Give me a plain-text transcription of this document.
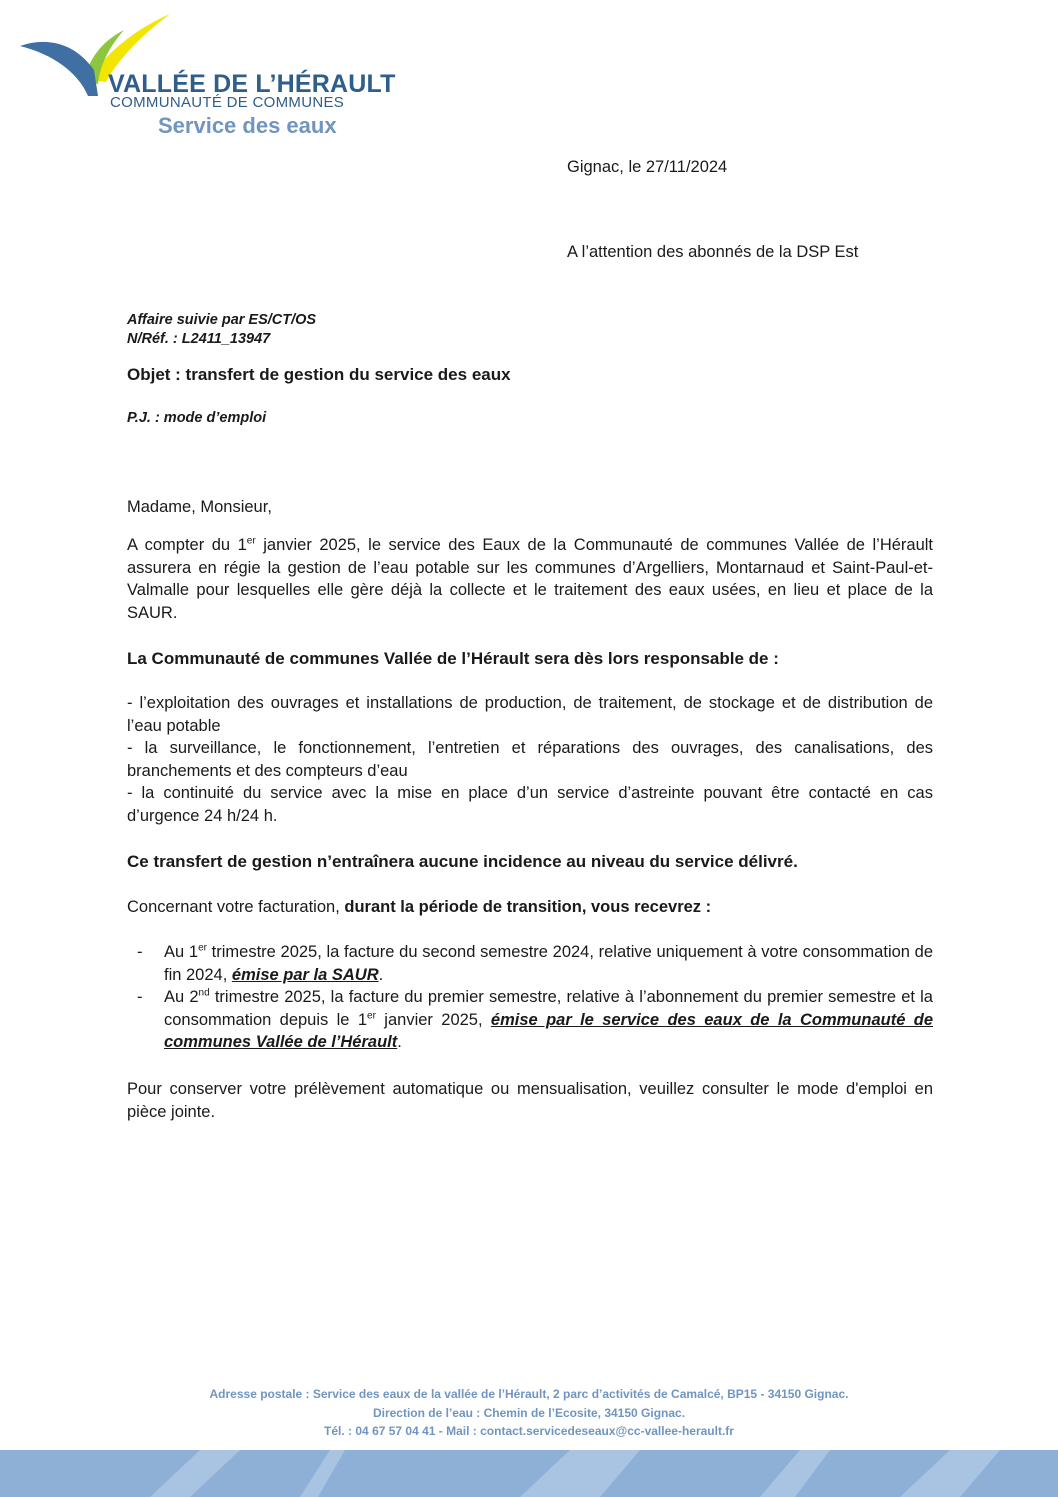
VALLÉE DE L’HÉRAULT
COMMUNAUTÉ DE COMMUNES
Service des eaux
Gignac, le 27/11/2024
A l’attention des abonnés de la DSP Est
Affaire suivie par ES/CT/OS
N/Réf. : L2411_13947
Objet : transfert de gestion du service des eaux
P.J. : mode d’emploi
Madame, Monsieur,
A compter du 1er janvier 2025, le service des Eaux de la Communauté de communes Vallée de l’Hérault assurera en régie la gestion de l’eau potable sur les communes d’Argelliers, Montarnaud et Saint-Paul-et-Valmalle pour lesquelles elle gère déjà la collecte et le traitement des eaux usées, en lieu et place de la SAUR.
La Communauté de communes Vallée de l’Hérault sera dès lors responsable de :
- l’exploitation des ouvrages et installations de production, de traitement, de stockage et de distribution de l’eau potable
- la surveillance, le fonctionnement, l’entretien et réparations des ouvrages, des canalisations, des branchements et des compteurs d’eau
- la continuité du service avec la mise en place d’un service d’astreinte pouvant être contacté en cas d’urgence 24 h/24 h.
Ce transfert de gestion n’entraînera aucune incidence au niveau du service délivré.
Concernant votre facturation, durant la période de transition, vous recevrez :
- Au 1er trimestre 2025, la facture du second semestre 2024, relative uniquement à votre consommation de fin 2024, émise par la SAUR.
- Au 2nd trimestre 2025, la facture du premier semestre, relative à l’abonnement du premier semestre et la consommation depuis le 1er janvier 2025, émise par le service des eaux de la Communauté de communes Vallée de l’Hérault.
Pour conserver votre prélèvement automatique ou mensualisation, veuillez consulter le mode d'emploi en pièce jointe.
Adresse postale : Service des eaux de la vallée de l’Hérault, 2 parc d’activités de Camalcé, BP15 - 34150 Gignac.
Direction de l’eau : Chemin de l’Ecosite, 34150 Gignac.
Tél. : 04 67 57 04 41 - Mail : contact.servicedeseaux@cc-vallee-herault.fr
